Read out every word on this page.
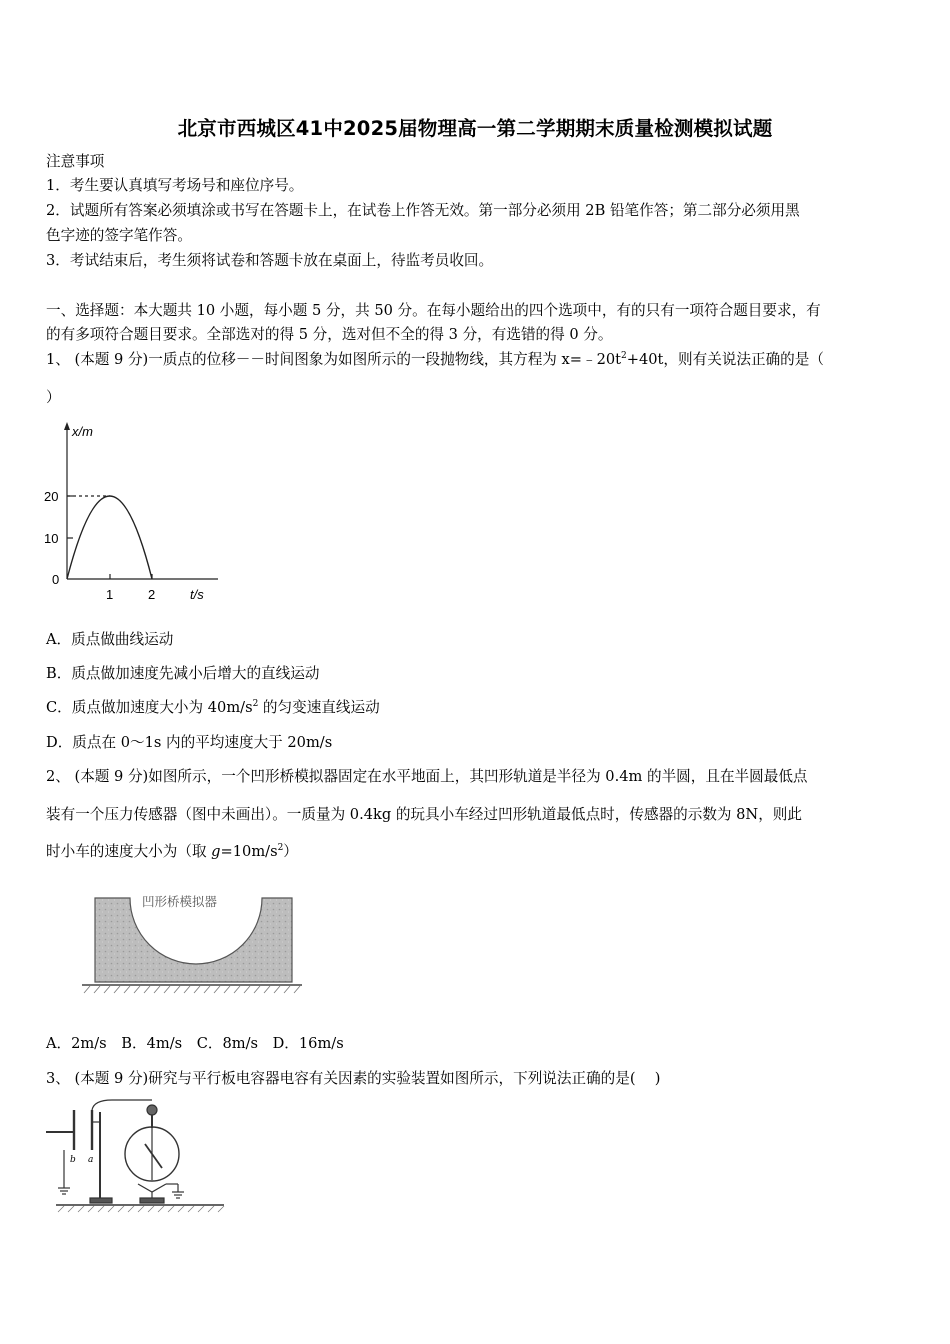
北京市西城区41中2025届物理高一第二学期期末质量检测模拟试题
注意事项
1．考生要认真填写考场号和座位序号。
2．试题所有答案必须填涂或书写在答题卡上，在试卷上作答无效。第一部分必须用 2B 铅笔作答；第二部分必须用黑
色字迹的签字笔作答。
3．考试结束后，考生须将试卷和答题卡放在桌面上，待监考员收回。
一、选择题：本大题共 10 小题，每小题 5 分，共 50 分。在每小题给出的四个选项中，有的只有一项符合题目要求，有
的有多项符合题目要求。全部选对的得 5 分，选对但不全的得 3 分，有选错的得 0 分。
1、 (本题 9 分)一质点的位移－－时间图象为如图所示的一段抛物线，其方程为 $x=﹣20t^2+40t$，则有关说法正确的是（
）
x/m
20
10
0
1	2	t/s
A．质点做曲线运动
B．质点做加速度先减小后增大的直线运动
C．质点做加速度大小为 $40m/s^2$ 的匀变速直线运动
D．质点在 0～1s 内的平均速度大于 20m/s
2、 (本题 9 分)如图所示，一个凹形桥模拟器固定在水平地面上，其凹形轨道是半径为 0.4m 的半圆，且在半圆最低点
装有一个压力传感器（图中未画出）。一质量为 0.4kg 的玩具小车经过凹形轨道最低点时，传感器的示数为 8N，则此
时小车的速度大小为（取 $g=10m/s^2$）
凹形桥模拟器
A．2m/s　B．4m/s　C．8m/s　D．16m/s
3、 (本题 9 分)研究与平行板电容器电容有关因素的实验装置如图所示，下列说法正确的是(　 )
b a
